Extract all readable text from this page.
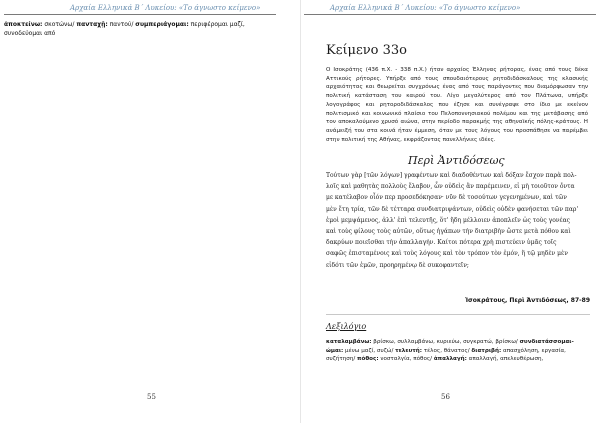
Αρχαία Ελληνικά Β΄ Λυκείου: «Το άγνωστο κείμενο»
ἀποκτείνω: σκοτώνω/ πανταχῇ: παντού/ συμπεριάγομαι: περιφέρομαι μαζί, συνοδεύομαι από
55
Αρχαία Ελληνικά Β΄ Λυκείου: «Το άγνωστο κείμενο»
Κείμενο 33ο
Ο Ισοκράτης (436 π.Χ. - 338 π.Χ.) ήταν αρχαίος Έλληνας ρήτορας, ένας από τους δέκα Αττικούς ρήτορες. Υπήρξε από τους σπουδαιότερους ρητοδιδάσκαλους της κλασικής αρχαιότητας και θεωρείται συγχρόνως ένας από τους παράγοντες που διαμόρφωσαν την πολιτική κατάσταση του καιρού του. Λίγο μεγαλύτερος από τον Πλάτωνα, υπήρξε λογογράφος και ρητοροδιδάσκαλος που έζησε και συνέγραψε στο ίδιο με εκείνον πολιτισμικό και κοινωνικό πλαίσιο του Πελοποννησιακού πολέμου και της μετάβασης από τον αποκαλούμενο χρυσό αιώνα, στην περίοδο παρακμής της αθηναϊκής πόλης-κράτους. Η ανάμειξή του στα κοινά ήταν έμμεση, όταν με τους λόγους του προσπάθησε να παρέμβει στην πολιτική της Αθήνας, εκφράζοντας πανελλήνιες ιδέες.
Περὶ Ἀντιδόσεως
Τούτων γὰρ [τῶν λόγων] γραφέντων καὶ διαδοθέντων καὶ δόξαν ἔσχον παρὰ πολ-
λοῖς καὶ μαθητὰς πολλοὺς ἔλαβον, ὧν οὐδεὶς ἂν παρέμεινεν, εἰ μὴ τοιοῦτον ὄντα
με κατέλαβον οἷόν περ προσεδόκησαν· νῦν δὲ τοσούτων γεγενημένων, καὶ τῶν
μὲν ἔτη τρία, τῶν δὲ τέτταρα συνδιατριψάντων, οὐδεὶς οὐδὲν φανήσεται τῶν παρ'
ἐμοὶ μεμψάμενος, ἀλλ' ἐπὶ τελευτῆς, ὅτ' ἤδη μέλλοιεν ἀποπλεῖν ὡς τοὺς γονέας
καὶ τοὺς φίλους τοὺς αὑτῶν, οὕτως ἠγάπων τὴν διατριβὴν ὥστε μετὰ πόθου καὶ
δακρύων ποιεῖσθαι τὴν ἀπαλλαγήν. Καίτοι πότερα χρὴ πιστεύειν ὑμᾶς τοῖς
σαφῶς ἐπισταμένοις καὶ τοὺς λόγους καὶ τὸν τρόπον τὸν ἐμόν, ἢ τῷ μηδὲν μὲν
εἰδότι τῶν ἐμῶν, προηρημένῳ δὲ συκοφαντεῖν;
Ἰσοκράτους, Περὶ Ἀντιδόσεως, 87-89
Λεξιλόγιο
καταλαμβάνω: βρίσκω, συλλαμβάνω, κυριεύω, συγκρατώ, βρίσκω/ συνδιατάσσομαι-ώμαι: μένω μαζί, συζώ/ τελευτή: τέλος, θάνατος/ διατριβή: απασχόληση, εργασία, συζήτηση/ πόθος: νοσταλγία, πόθος/ ἀπαλλαγή: απαλλαγή, απελευθέρωση,
56
